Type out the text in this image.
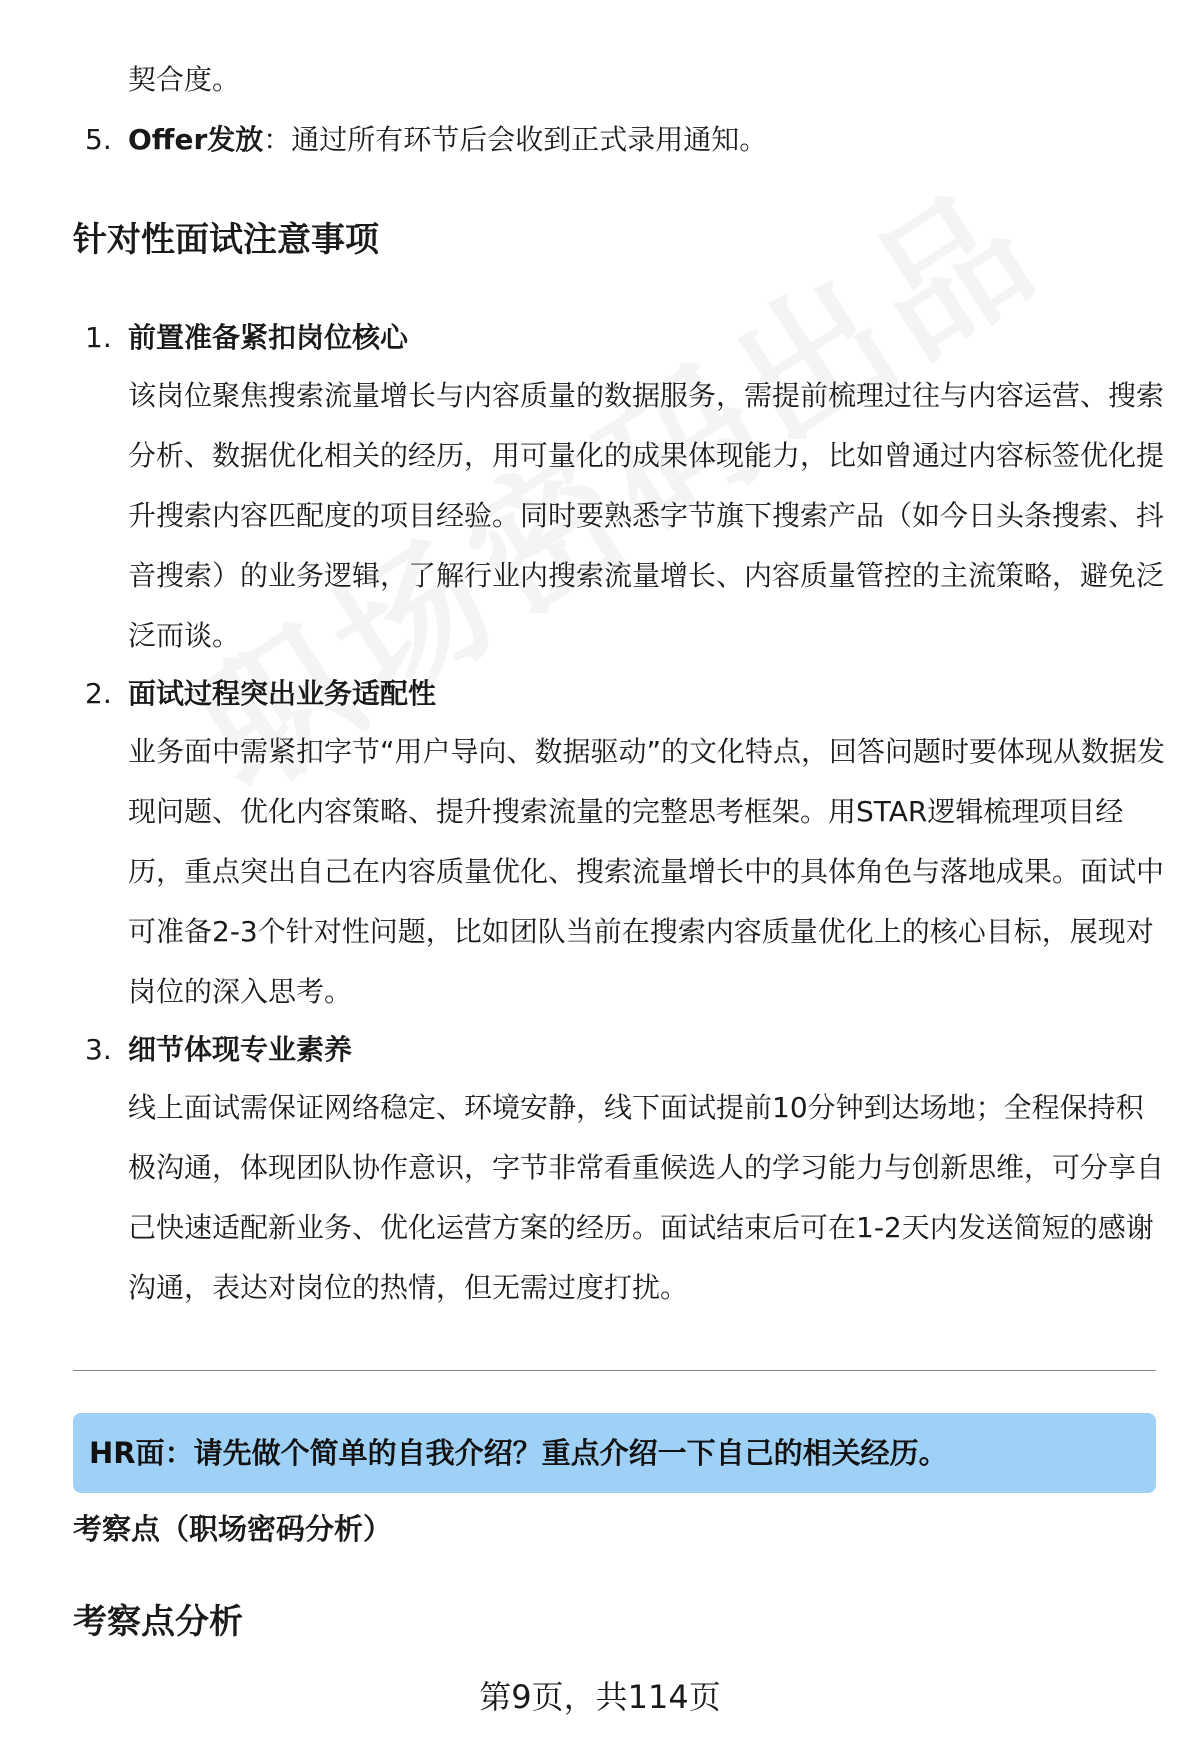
契合度。

5. Offer发放：通过所有环节后会收到正式录用通知。

针对性面试注意事项
1. 前置准备紧扣岗位核心

该岗位聚焦搜索流量增长与内容质量的数据服务，需提前梳理过往与内容运营、搜索分析、数据优化相关的经历，用可量化的成果体现能力，比如曾通过内容标签优化提升搜索内容匹配度的项目经验。同时要熟悉字节旗下搜索产品（如今日头条搜索、抖音搜索）的业务逻辑，了解行业内搜索流量增长、内容质量管控的主流策略，避免泛泛而谈。

2. 面试过程突出业务适配性

业务面中需紧扣字节“用户导向、数据驱动”的文化特点，回答问题时要体现从数据发现问题、优化内容策略、提升搜索流量的完整思考框架。用STAR逻辑梳理项目经历，重点突出自己在内容质量优化、搜索流量增长中的具体角色与落地成果。面试中可准备2-3个针对性问题，比如团队当前在搜索内容质量优化上的核心目标，展现对岗位的深入思考。

3. 细节体现专业素养

线上面试需保证网络稳定、环境安静，线下面试提前10分钟到达场地；全程保持积极沟通，体现团队协作意识，字节非常看重候选人的学习能力与创新思维，可分享自己快速适配新业务、优化运营方案的经历。面试结束后可在1-2天内发送简短的感谢沟通，表达对岗位的热情，但无需过度打扰。

HR面：请先做个简单的自我介绍？重点介绍一下自己的相关经历。

考察点（职场密码分析）

考察点分析

第9页，共114页
